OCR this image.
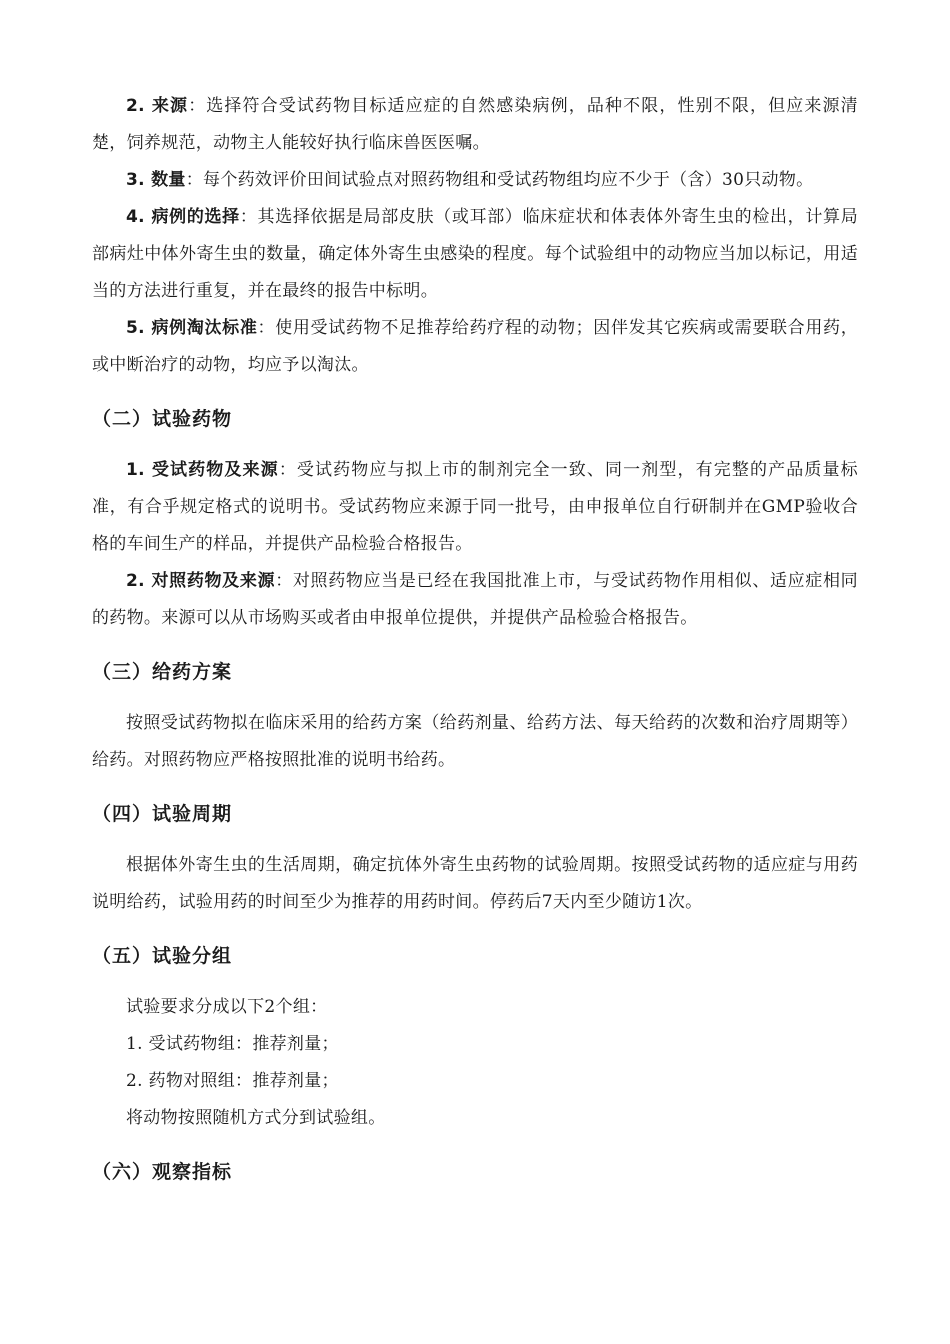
2. 来源：选择符合受试药物目标适应症的自然感染病例，品种不限，性别不限，但应来源清楚，饲养规范，动物主人能较好执行临床兽医医嘱。

3. 数量：每个药效评价田间试验点对照药物组和受试药物组均应不少于（含）30只动物。

4. 病例的选择：其选择依据是局部皮肤（或耳部）临床症状和体表体外寄生虫的检出，计算局部病灶中体外寄生虫的数量，确定体外寄生虫感染的程度。每个试验组中的动物应当加以标记，用适当的方法进行重复，并在最终的报告中标明。

5. 病例淘汰标准：使用受试药物不足推荐给药疗程的动物；因伴发其它疾病或需要联合用药，或中断治疗的动物，均应予以淘汰。

（二）试验药物

1. 受试药物及来源：受试药物应与拟上市的制剂完全一致、同一剂型，有完整的产品质量标准，有合乎规定格式的说明书。受试药物应来源于同一批号，由申报单位自行研制并在GMP验收合格的车间生产的样品，并提供产品检验合格报告。

2. 对照药物及来源：对照药物应当是已经在我国批准上市，与受试药物作用相似、适应症相同的药物。来源可以从市场购买或者由申报单位提供，并提供产品检验合格报告。

（三）给药方案

按照受试药物拟在临床采用的给药方案（给药剂量、给药方法、每天给药的次数和治疗周期等）给药。对照药物应严格按照批准的说明书给药。

（四）试验周期

根据体外寄生虫的生活周期，确定抗体外寄生虫药物的试验周期。按照受试药物的适应症与用药说明给药，试验用药的时间至少为推荐的用药时间。停药后7天内至少随访1次。

（五）试验分组

试验要求分成以下2个组：

1. 受试药物组：推荐剂量；

2. 药物对照组：推荐剂量；

将动物按照随机方式分到试验组。

（六）观察指标
